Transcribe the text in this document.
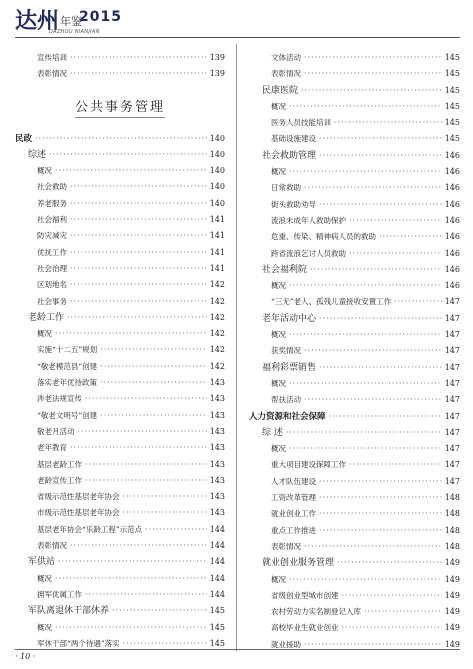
达州 年鉴
2015
DAZHOU NIANJIAN
宣传培训 ·····	139
表彰情况 ·····	139
公共事务管理
民政 ·····	140
综述 ·····	140
概况 ·····	140
社会救助 ·····	140
养老服务 ·····	140
社会福利 ·····	141
防灾减灾 ·····	141
优抚工作 ·····	141
社会治理 ·····	141
区划地名 ·····	142
社会事务 ·····	142
老龄工作 ·····	142
概况 ·····	142
实施“十二五”规划 ·····	142
“敬老模范县”创建 ·····	142
落实老年优待政策 ·····	143
涉老法规宣传 ·····	143
“敬老文明号”创建 ·····	143
敬老月活动 ·····	143
老年教育 ·····	143
基层老龄工作 ·····	143
老龄宣传工作 ·····	143
省级示范性基层老年协会 ·····	143
市级示范性基层老年协会 ·····	143
基层老年协会“乐龄工程”示范点 ·····	144
表彰情况 ·····	144
军供站 ·····	144
概况 ·····	144
拥军优属工作 ·····	144
军队离退休干部休养 ·····	145
概况 ·····	145
军休干部“两个待遇”落实 ·····	145
文体活动 ·····	145
表彰情况 ·····	145
民康医院 ·····	145
概况 ·····	145
医务人员技能培训 ·····	145
基础设施建设 ·····	145
社会救助管理 ·····	146
概况 ·····	146
日常救助 ·····	146
街头救助劝导 ·····	146
流浪未成年人救助保护 ·····	146
危重、传染、精神病人员的救助 ·····	146
跨省流浪乞讨人员救助 ·····	146
社会福利院 ·····	146
概况 ·····	146
“三无”老人、孤残儿童接收安置工作 ·····	147
老年活动中心 ·····	147
概况 ·····	147
获奖情况 ·····	147
福利彩票销售 ·····	147
概况 ·····	147
帮扶活动 ·····	147
人力资源和社会保障 ·····	147
综 述 ·····	147
概况 ·····	147
重大项目建设保障工作 ·····	147
人才队伍建设 ·····	147
工资改革管理 ·····	148
就业创业工作 ·····	148
重点工作推进 ·····	148
表彰情况 ·····	148
就业创业服务管理 ·····	149
概况 ·····	149
省级创业型城市创建 ·····	149
农村劳动力实名制登记入库 ·····	149
高校毕业生就业创业 ·····	149
就业援助 ·····	149
· 10 ·
